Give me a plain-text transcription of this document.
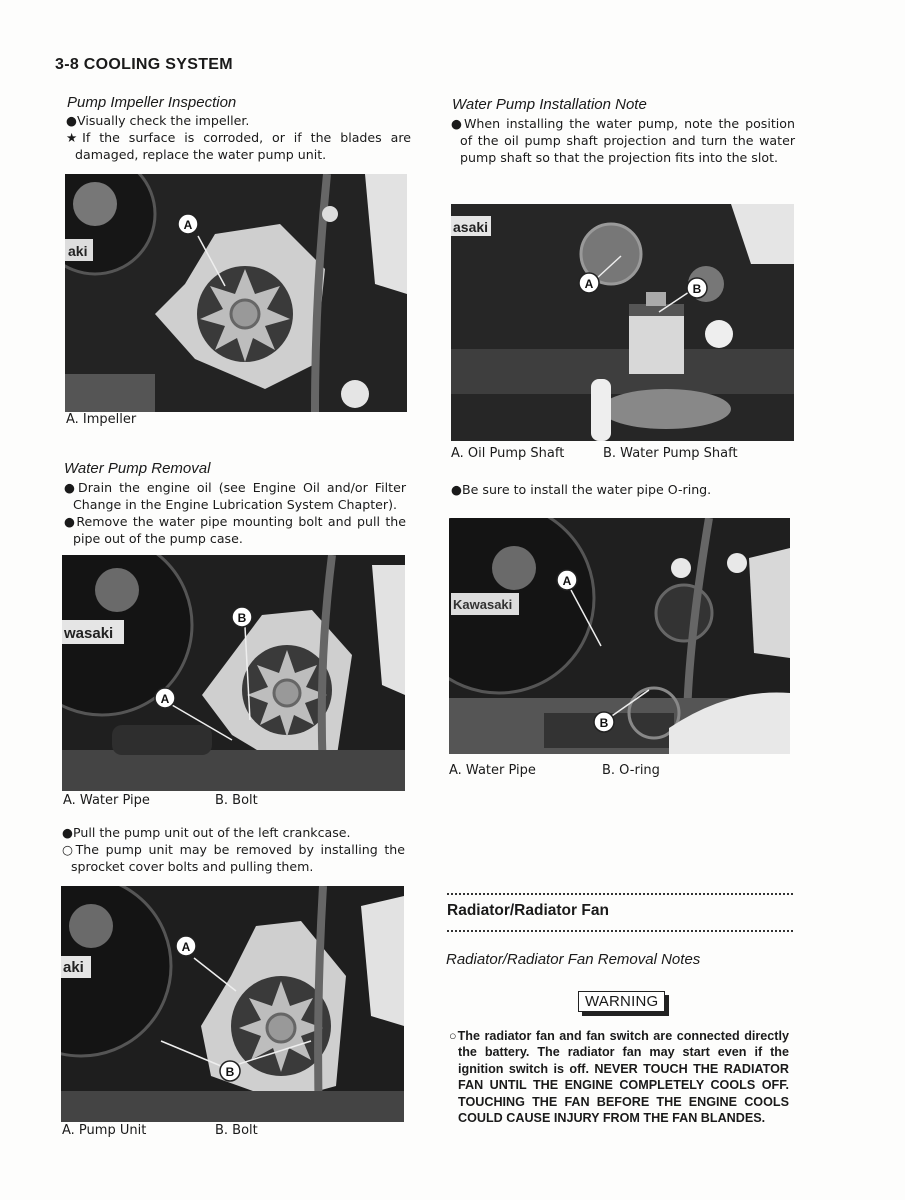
3-8 COOLING SYSTEM
Pump Impeller Inspection

●Visually check the impeller.

★If the surface is corroded, or if the blades are damaged, replace the water pump unit.

aki
A
A. Impeller
Water Pump Removal

●Drain the engine oil (see Engine Oil and/or Filter Change in the Engine Lubrication System Chapter).

●Remove the water pipe mounting bolt and pull the pipe out of the pump case.

wasaki
B
A
A. Water Pipe	B. Bolt

●Pull the pump unit out of the left crankcase.

○The pump unit may be removed by installing the sprocket cover bolts and pulling them.

aki
A
B
A. Pump Unit	B. Bolt
Water Pump Installation Note

●When installing the water pump, note the position of the oil pump shaft projection and turn the water pump shaft so that the projection fits into the slot.

asaki
A	B
A. Oil Pump Shaft	B. Water Pump Shaft

●Be sure to install the water pipe O-ring.

Kawasaki
A
B
A. Water Pipe	B. O-ring
Radiator/Radiator Fan
Radiator/Radiator Fan Removal Notes
WARNING

○The radiator fan and fan switch are connected directly the battery. The radiator fan may start even if the ignition switch is off. NEVER TOUCH THE RADIATOR FAN UNTIL THE ENGINE COMPLETELY COOLS OFF. TOUCHING THE FAN BEFORE THE ENGINE COOLS COULD CAUSE INJURY FROM THE FAN BLANDES.
